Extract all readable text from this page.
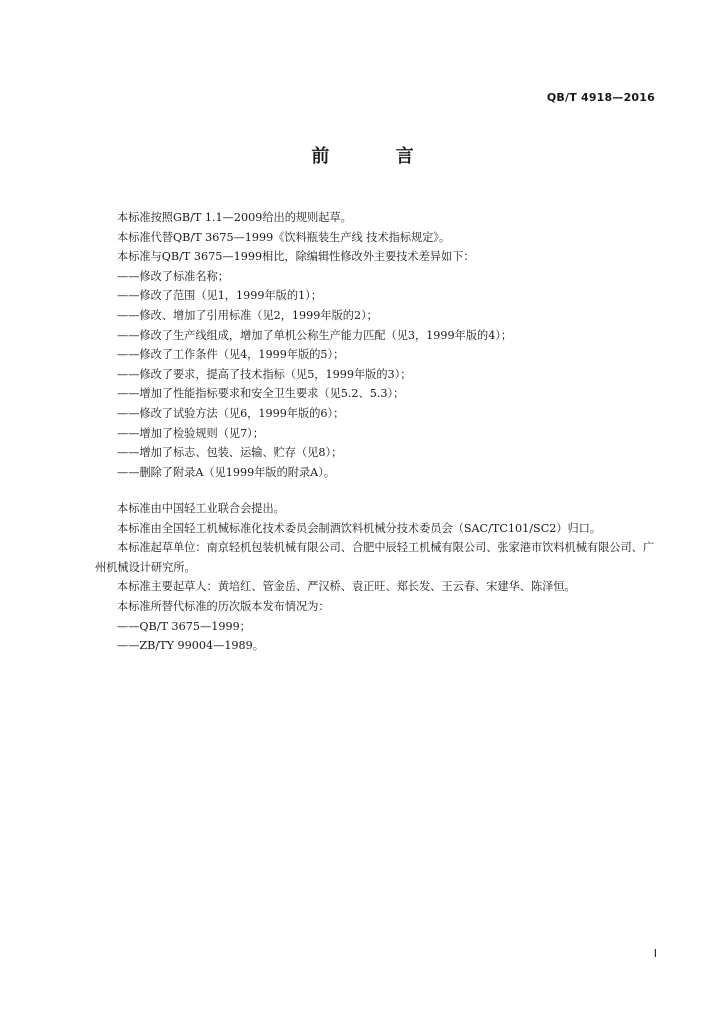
QB/T 4918—2016
前 言
本标准按照GB/T 1.1—2009给出的规则起草。
本标准代替QB/T 3675—1999《饮料瓶装生产线 技术指标规定》。
本标准与QB/T 3675—1999相比，除编辑性修改外主要技术差异如下：
——修改了标准名称；
——修改了范围（见1，1999年版的1）；
——修改、增加了引用标准（见2，1999年版的2）；
——修改了生产线组成，增加了单机公称生产能力匹配（见3，1999年版的4）；
——修改了工作条件（见4，1999年版的5）；
——修改了要求，提高了技术指标（见5，1999年版的3）；
——增加了性能指标要求和安全卫生要求（见5.2、5.3）；
——修改了试验方法（见6，1999年版的6）；
——增加了检验规则（见7）；
——增加了标志、包装、运输、贮存（见8）；
——删除了附录A（见1999年版的附录A）。
本标准由中国轻工业联合会提出。
本标准由全国轻工机械标准化技术委员会制酒饮料机械分技术委员会（SAC/TC101/SC2）归口。
本标准起草单位：南京轻机包装机械有限公司、合肥中辰轻工机械有限公司、张家港市饮料机械有限公司、广州机械设计研究所。
本标准主要起草人：黄培红、管金岳、严汉桥、袁正旺、郑长发、王云春、宋建华、陈泽恒。
本标准所替代标准的历次版本发布情况为：
——QB/T 3675—1999；
——ZB/TY 99004—1989。
I
